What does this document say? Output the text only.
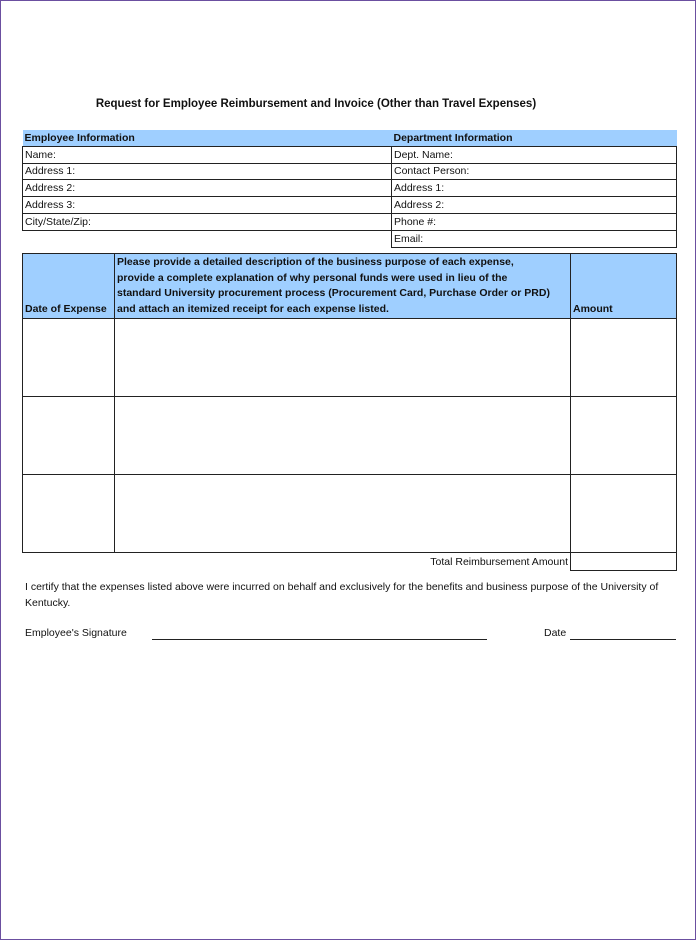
Request for Employee Reimbursement and Invoice (Other than Travel Expenses)
Employee Information	Department Information
Name:	Dept. Name:
Address 1:	Contact Person:
Address 2:	Address 1:
Address 3:	Address 2:
City/State/Zip:	Phone #:
	Email:
Date of Expense	Please provide a detailed description of the business purpose of each expense,
provide a complete explanation of why personal funds were used in lieu of the
standard University procurement process (Procurement Card, Purchase Order or PRD)
and attach an itemized receipt for each expense listed.	Amount

	Total Reimbursement Amount	
I certify that the expenses listed above were incurred on behalf and exclusively for the benefits and business purpose of the University of Kentucky.
Employee's Signature	Date
